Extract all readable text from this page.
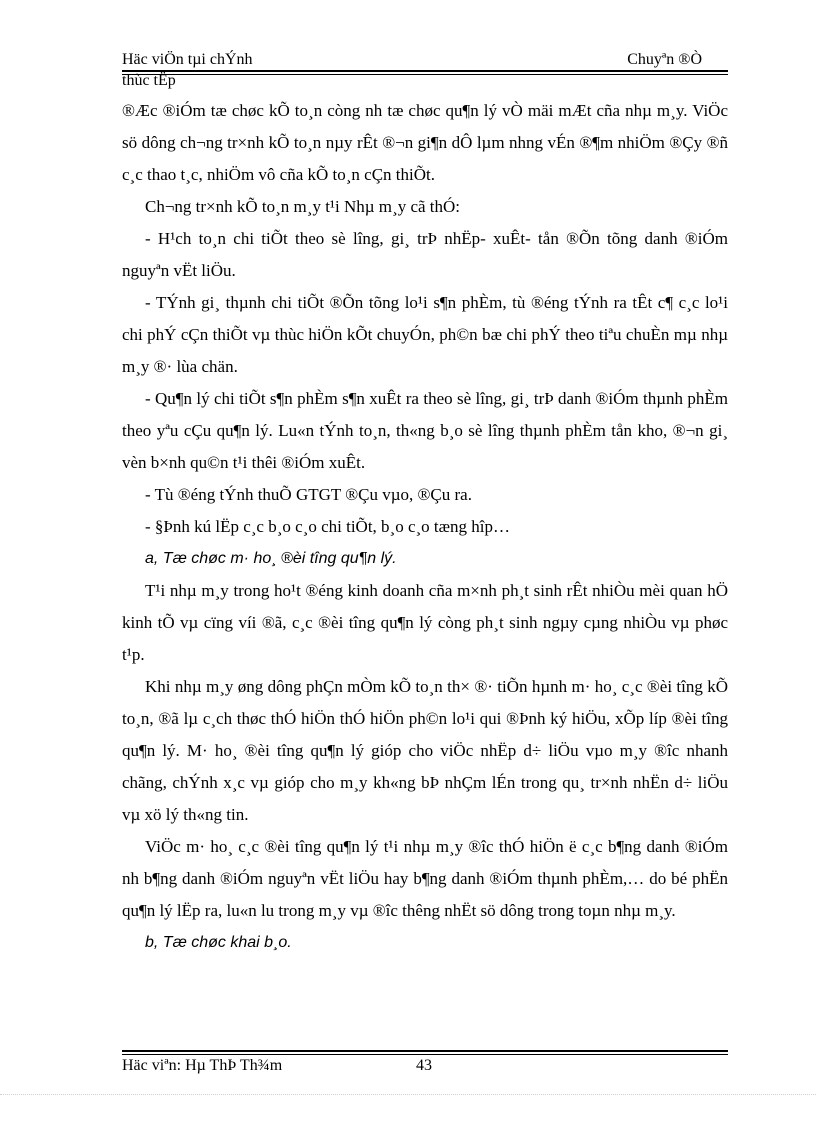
Häc viÖn tµi chÝnh	Chuyªn ®Ò
thùc tËp

®Æc ®iÓm tæ chøc kÕ to¸n còng nh tæ chøc qu¶n lý vÒ mäi mÆt cña nhµ m¸y. ViÖc sö dông ch¬ng tr×nh kÕ to¸n nµy rÊt ®¬n gi¶n dÔ lµm nhng vÉn ®¶m nhiÖm ®Çy ®ñ c¸c thao t¸c, nhiÖm vô cña kÕ to¸n cÇn thiÕt.

Ch¬ng tr×nh kÕ to¸n m¸y t¹i Nhµ m¸y cã thÓ:

- H¹ch to¸n chi tiÕt theo sè lîng, gi¸ trÞ nhËp- xuÊt- tån ®Õn tõng danh ®iÓm nguyªn vËt liÖu.

- TÝnh gi¸ thµnh chi tiÕt ®Õn tõng lo¹i s¶n phÈm, tù ®éng tÝnh ra tÊt c¶ c¸c lo¹i chi phÝ cÇn thiÕt vµ thùc hiÖn kÕt chuyÓn, ph©n bæ chi phÝ theo tiªu chuÈn mµ nhµ m¸y ®· lùa chän.

- Qu¶n lý chi tiÕt s¶n phÈm s¶n xuÊt ra theo sè lîng, gi¸ trÞ danh ®iÓm thµnh phÈm theo yªu cÇu qu¶n lý. Lu«n tÝnh to¸n, th«ng b¸o sè lîng thµnh phÈm tån kho, ®¬n gi¸ vèn b×nh qu©n t¹i thêi ®iÓm xuÊt.

- Tù ®éng tÝnh thuÕ GTGT ®Çu vµo, ®Çu ra.

- §Þnh kú lËp c¸c b¸o c¸o chi tiÕt, b¸o c¸o tæng hîp…

a, Tæ chøc m· ho¸ ®èi tîng qu¶n lý.

T¹i nhµ m¸y trong ho¹t ®éng kinh doanh cña m×nh ph¸t sinh rÊt nhiÒu mèi quan hÖ kinh tÕ vµ cïng víi ®ã, c¸c ®èi tîng qu¶n lý còng ph¸t sinh ngµy cµng nhiÒu vµ phøc t¹p.

Khi nhµ m¸y øng dông phÇn mÒm kÕ to¸n th× ®· tiÕn hµnh m· ho¸ c¸c ®èi tîng kÕ to¸n, ®ã lµ c¸ch thøc thÓ hiÖn thÓ hiÖn ph©n lo¹i qui ®Þnh ký hiÖu, xÕp líp ®èi tîng qu¶n lý. M· ho¸ ®èi tîng qu¶n lý gióp cho viÖc nhËp d÷ liÖu vµo m¸y ®îc nhanh chãng, chÝnh x¸c vµ gióp cho m¸y kh«ng bÞ nhÇm lÉn trong qu¸ tr×nh nhËn d÷ liÖu vµ xö lý th«ng tin.

ViÖc m· ho¸ c¸c ®èi tîng qu¶n lý t¹i nhµ m¸y ®îc thÓ hiÖn ë c¸c b¶ng danh ®iÓm nh b¶ng danh ®iÓm nguyªn vËt liÖu hay b¶ng danh ®iÓm thµnh phÈm,… do bé phËn qu¶n lý lËp ra, lu«n lu trong m¸y vµ ®îc thêng nhËt sö dông trong toµn nhµ m¸y.

b, Tæ chøc khai b¸o.

Häc viªn: Hµ ThÞ Th¾m	43
